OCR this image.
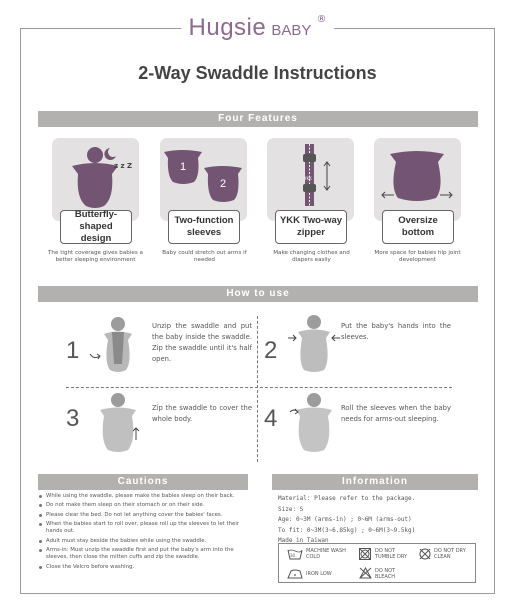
Hugsie BABY ®
2-Way Swaddle Instructions
Four Features
z z Z
Butterfly-shaped design
The tight coverage gives babies a better sleeping environment
1
2
Two-function sleeves
Baby could stretch out arms if needed
YKK
YKK Two-way zipper
Make changing clothes and diapers easily
Oversize bottom
More space for babies hip joint development
How to use
1
Unzip the swaddle and put the baby inside the swaddle. Zip the swaddle until it's half open.	2
Put the baby's hands into the sleeves.
3	Zip the swaddle to cover the whole body.	4	Roll the sleeves when the baby needs for arms-out sleeping.
Cautions
While using the swaddle, please make the babies sleep on their back.
Do not make them sleep on their stomach or on their side.
Please clear the bed. Do not let anything cover the babies' faces.
When the babies start to roll over, please roll up the sleeves to let their hands out.
Adult must stay beside the babies while using the swaddle.
Arms-in: Must unzip the swaddle first and put the baby's arm into the sleeves, then close the mitten cuffs and zip the swaddle.
Close the Velcro before washing.
Information
Material: Please refer to the package.
Size: S
Age: 0~3M (arms-in) ; 0~6M (arms-out)
To fit: 0~3M(3~6.85kg) ; 0~6M(3~9.5kg)
Made in Taiwan
30
MACHINE WASH COLD
DO NOT TUMBLE DRY
DO NOT DRY CLEAN
IRON LOW	DO NOT BLEACH
